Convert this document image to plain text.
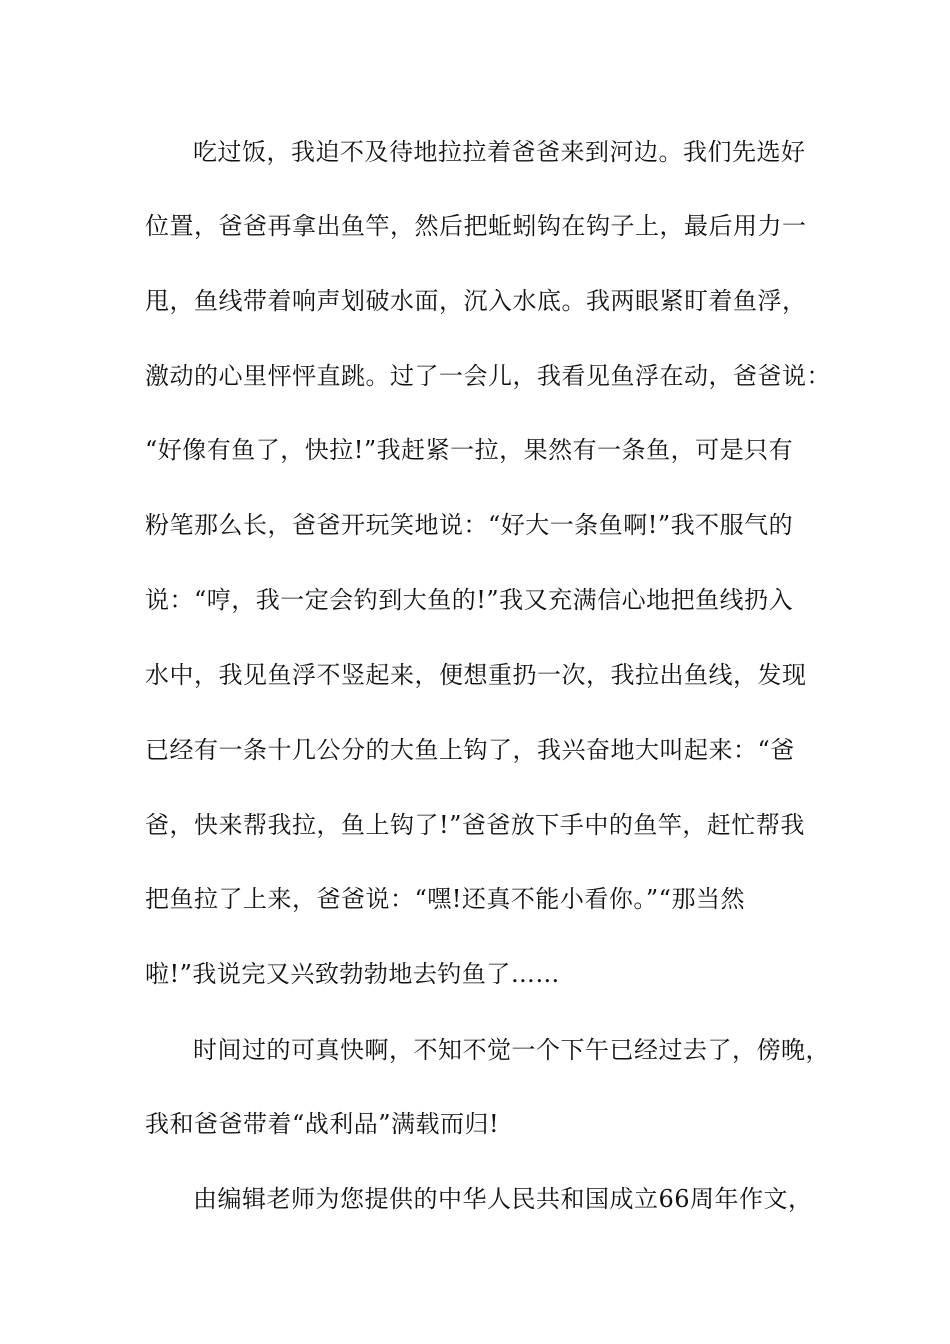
吃过饭，我迫不及待地拉拉着爸爸来到河边。我们先选好
位置，爸爸再拿出鱼竿，然后把蚯蚓钩在钩子上，最后用力一
甩，鱼线带着响声划破水面，沉入水底。我两眼紧盯着鱼浮，
激动的心里怦怦直跳。过了一会儿，我看见鱼浮在动，爸爸说：
“好像有鱼了，快拉!”我赶紧一拉，果然有一条鱼，可是只有
粉笔那么长，爸爸开玩笑地说：“好大一条鱼啊!”我不服气的
说：“哼，我一定会钓到大鱼的!”我又充满信心地把鱼线扔入
水中，我见鱼浮不竖起来，便想重扔一次，我拉出鱼线，发现
已经有一条十几公分的大鱼上钩了，我兴奋地大叫起来：“爸
爸，快来帮我拉，鱼上钩了!”爸爸放下手中的鱼竿，赶忙帮我
把鱼拉了上来，爸爸说：“嘿!还真不能小看你。”“那当然
啦!”我说完又兴致勃勃地去钓鱼了……
时间过的可真快啊，不知不觉一个下午已经过去了，傍晚，
我和爸爸带着“战利品”满载而归!
由编辑老师为您提供的中华人民共和国成立66周年作文，
